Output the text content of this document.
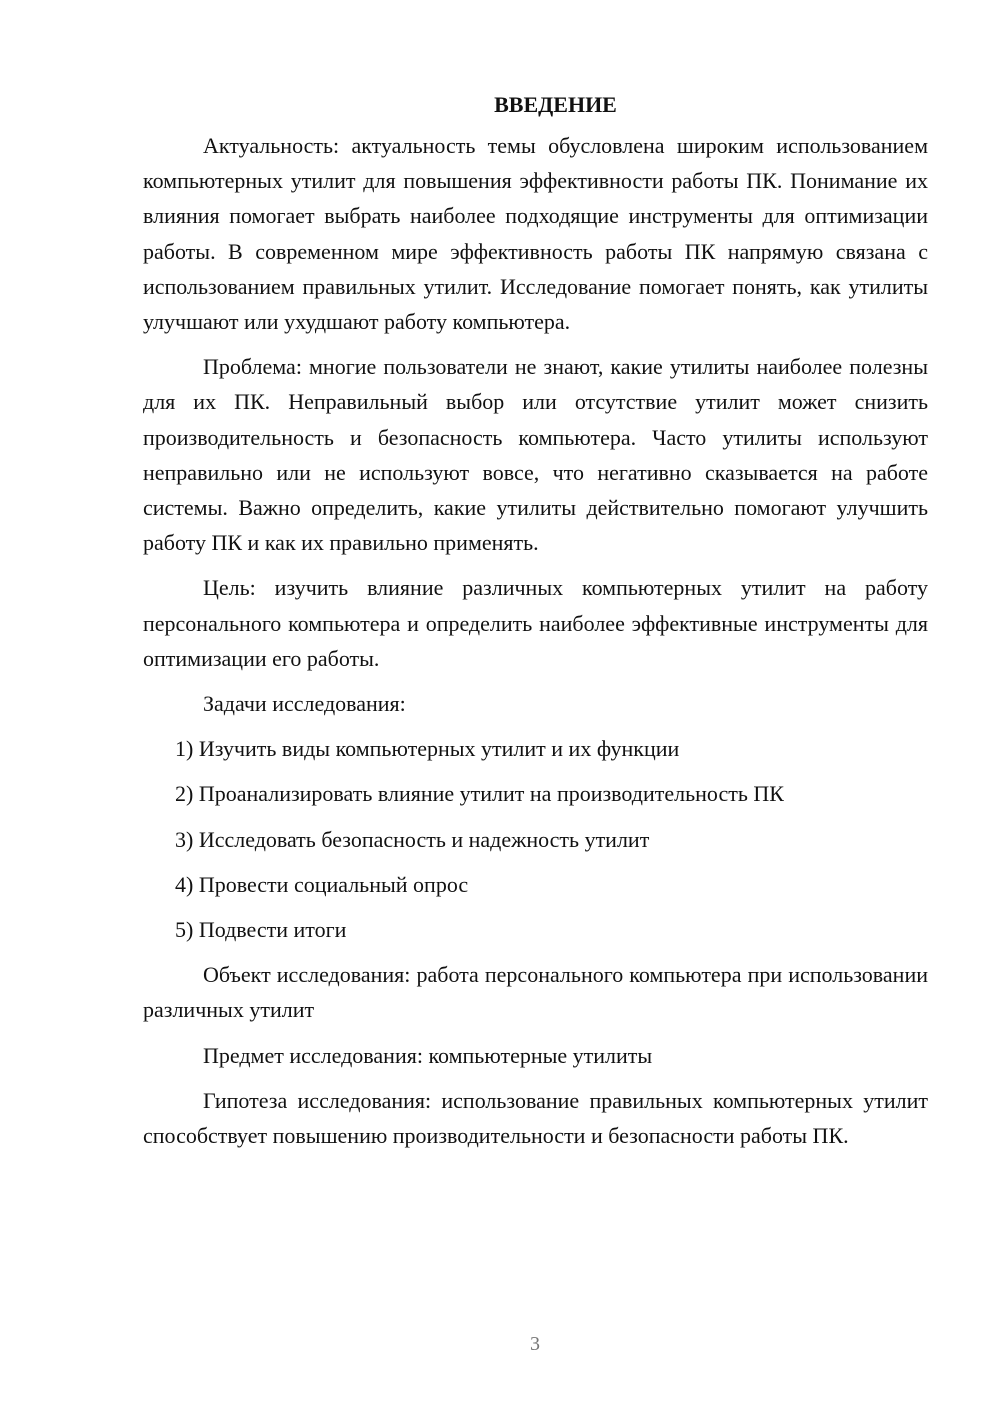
ВВЕДЕНИЕ

Актуальность: актуальность темы обусловлена широким использованием компьютерных утилит для повышения эффективности работы ПК. Понимание их влияния помогает выбрать наиболее подходящие инструменты для оптимизации работы. В современном мире эффективность работы ПК напрямую связана с использованием правильных утилит. Исследование помогает понять, как утилиты улучшают или ухудшают работу компьютера.

Проблема: многие пользователи не знают, какие утилиты наиболее полезны для их ПК. Неправильный выбор или отсутствие утилит может снизить производительность и безопасность компьютера. Часто утилиты используют неправильно или не используют вовсе, что негативно сказывается на работе системы. Важно определить, какие утилиты действительно помогают улучшить работу ПК и как их правильно применять.

Цель: изучить влияние различных компьютерных утилит на работу персонального компьютера и определить наиболее эффективные инструменты для оптимизации его работы.

Задачи исследования:

1) Изучить виды компьютерных утилит и их функции
2) Проанализировать влияние утилит на производительность ПК
3) Исследовать безопасность и надежность утилит
4) Провести социальный опрос
5) Подвести итоги

Объект исследования: работа персонального компьютера при использовании различных утилит

Предмет исследования: компьютерные утилиты

Гипотеза исследования: использование правильных компьютерных утилит способствует повышению производительности и безопасности работы ПК.

3
